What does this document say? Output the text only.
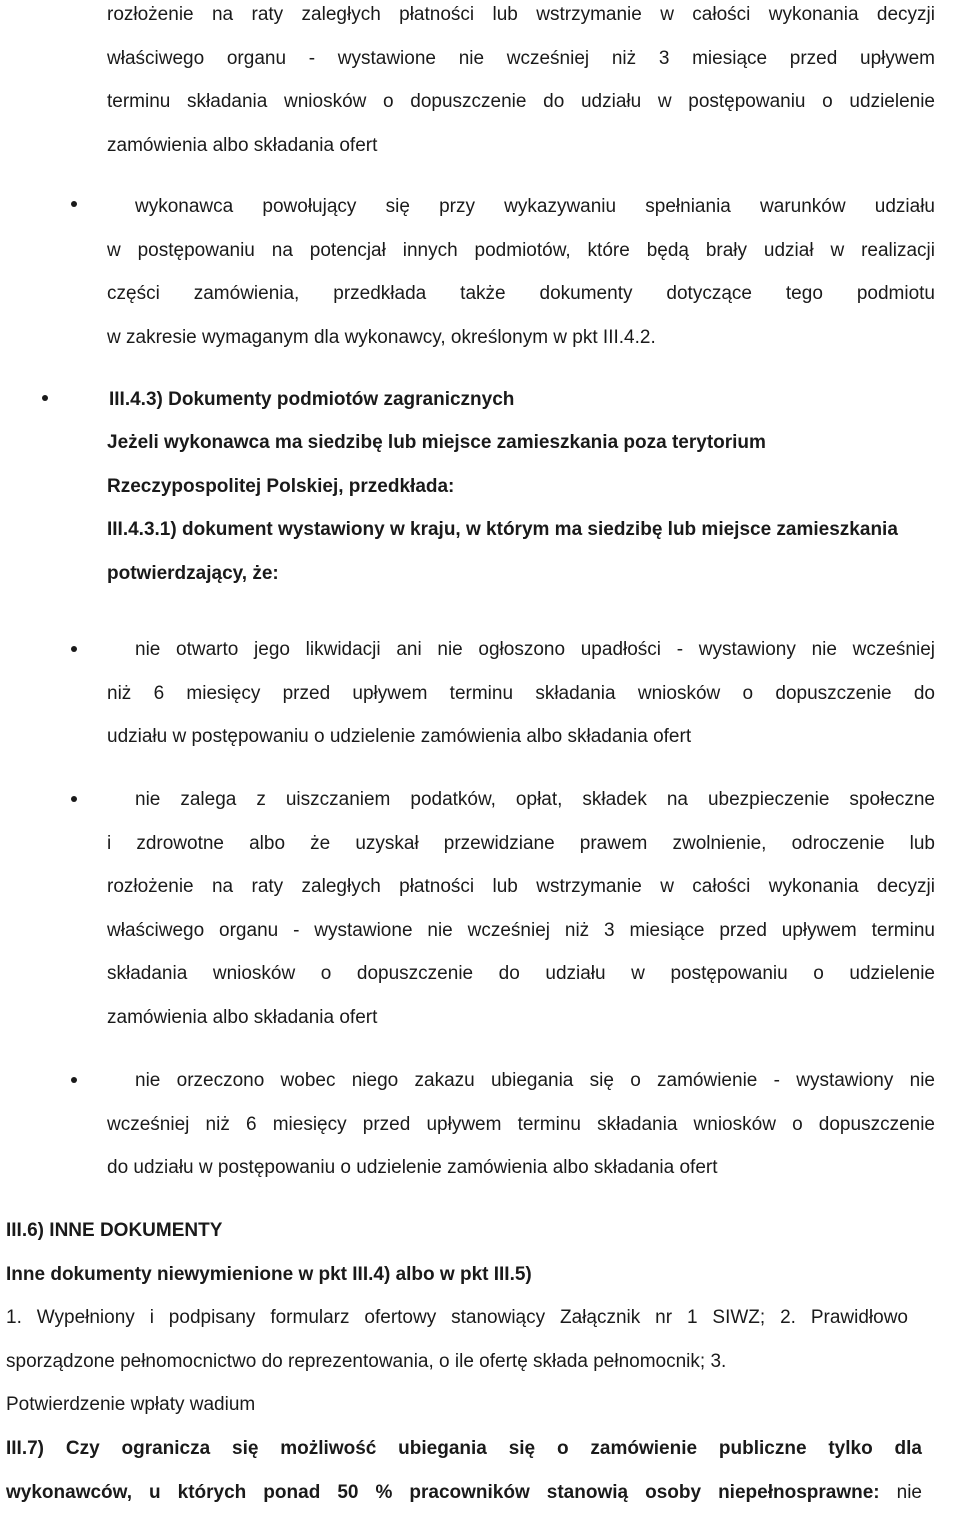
rozłożenie na raty zaległych płatności lub wstrzymanie w całości wykonania decyzji
właściwego organu - wystawione nie wcześniej niż 3 miesiące przed upływem
terminu składania wniosków o dopuszczenie do udziału w postępowaniu o udzielenie
zamówienia albo składania ofert
wykonawca powołujący się przy wykazywaniu spełniania warunków udziału
w postępowaniu na potencjał innych podmiotów, które będą brały udział w realizacji
części zamówienia, przedkłada także dokumenty dotyczące tego podmiotu
w zakresie wymaganym dla wykonawcy, określonym w pkt III.4.2.
III.4.3) Dokumenty podmiotów zagranicznych
Jeżeli wykonawca ma siedzibę lub miejsce zamieszkania poza terytorium
Rzeczypospolitej Polskiej, przedkłada:
III.4.3.1) dokument wystawiony w kraju, w którym ma siedzibę lub miejsce zamieszkania
potwierdzający, że:
nie otwarto jego likwidacji ani nie ogłoszono upadłości - wystawiony nie wcześniej
niż 6 miesięcy przed upływem terminu składania wniosków o dopuszczenie do
udziału w postępowaniu o udzielenie zamówienia albo składania ofert
nie zalega z uiszczaniem podatków, opłat, składek na ubezpieczenie społeczne
i zdrowotne albo że uzyskał przewidziane prawem zwolnienie, odroczenie lub
rozłożenie na raty zaległych płatności lub wstrzymanie w całości wykonania decyzji
właściwego organu - wystawione nie wcześniej niż 3 miesiące przed upływem terminu
składania wniosków o dopuszczenie do udziału w postępowaniu o udzielenie
zamówienia albo składania ofert
nie orzeczono wobec niego zakazu ubiegania się o zamówienie - wystawiony nie
wcześniej niż 6 miesięcy przed upływem terminu składania wniosków o dopuszczenie
do udziału w postępowaniu o udzielenie zamówienia albo składania ofert
III.6) INNE DOKUMENTY
Inne dokumenty niewymienione w pkt III.4) albo w pkt III.5)
1. Wypełniony i podpisany formularz ofertowy stanowiący Załącznik nr 1 SIWZ; 2. Prawidłowo
sporządzone pełnomocnictwo do reprezentowania, o ile ofertę składa pełnomocnik; 3.
Potwierdzenie wpłaty wadium
III.7) Czy ogranicza się możliwość ubiegania się o zamówienie publiczne tylko dla
wykonawców, u których ponad 50 % pracowników stanowią osoby niepełnosprawne: nie
